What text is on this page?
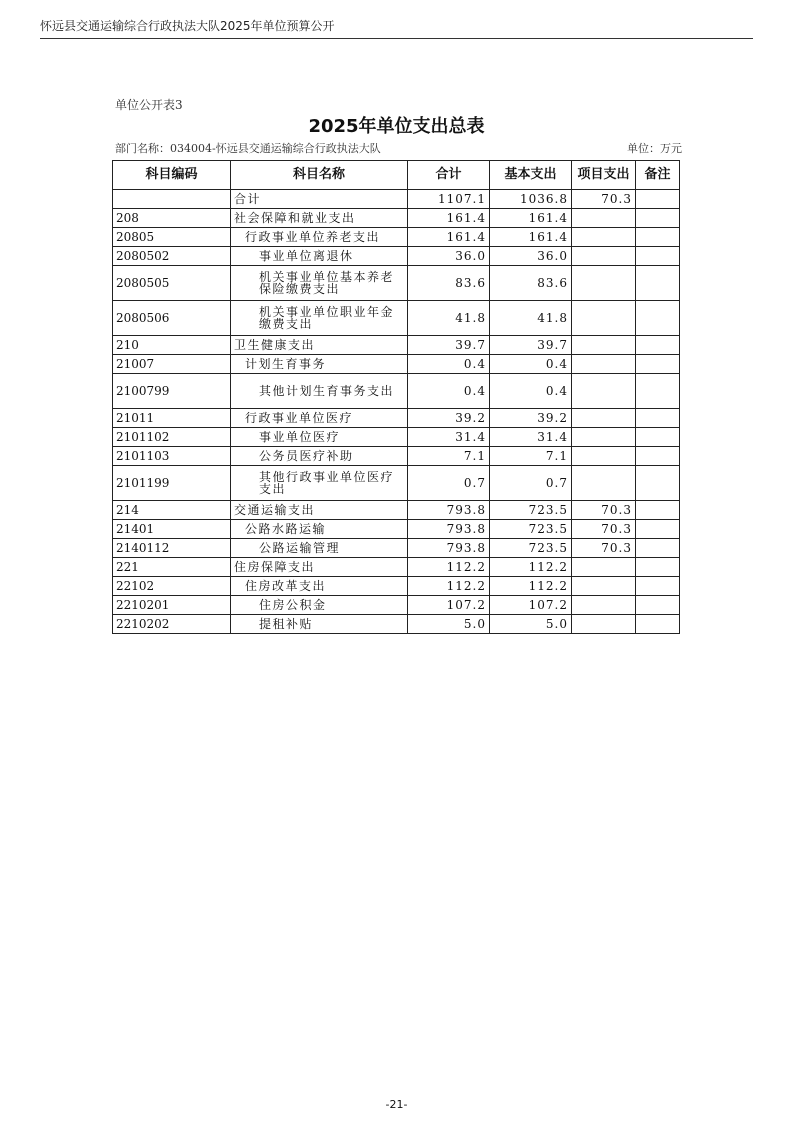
怀远县交通运输综合行政执法大队2025年单位预算公开
单位公开表3
2025年单位支出总表
部门名称：034004-怀远县交通运输综合行政执法大队	单位：万元
科目编码	科目名称	合计	基本支出	项目支出	备注
	合计	1107.1	1036.8	70.3	
208	社会保障和就业支出	161.4	161.4		
20805	行政事业单位养老支出	161.4	161.4		
2080502	事业单位离退休	36.0	36.0		
2080505	机关事业单位基本养老保险缴费支出	83.6	83.6		
2080506	机关事业单位职业年金缴费支出	41.8	41.8		
210	卫生健康支出	39.7	39.7		
21007	计划生育事务	0.4	0.4		
2100799	其他计划生育事务支出	0.4	0.4		
21011	行政事业单位医疗	39.2	39.2		
2101102	事业单位医疗	31.4	31.4		
2101103	公务员医疗补助	7.1	7.1		
2101199	其他行政事业单位医疗支出	0.7	0.7		
214	交通运输支出	793.8	723.5	70.3	
21401	公路水路运输	793.8	723.5	70.3	
2140112	公路运输管理	793.8	723.5	70.3	
221	住房保障支出	112.2	112.2		
22102	住房改革支出	112.2	112.2		
2210201	住房公积金	107.2	107.2		
2210202	提租补贴	5.0	5.0		
-21-
